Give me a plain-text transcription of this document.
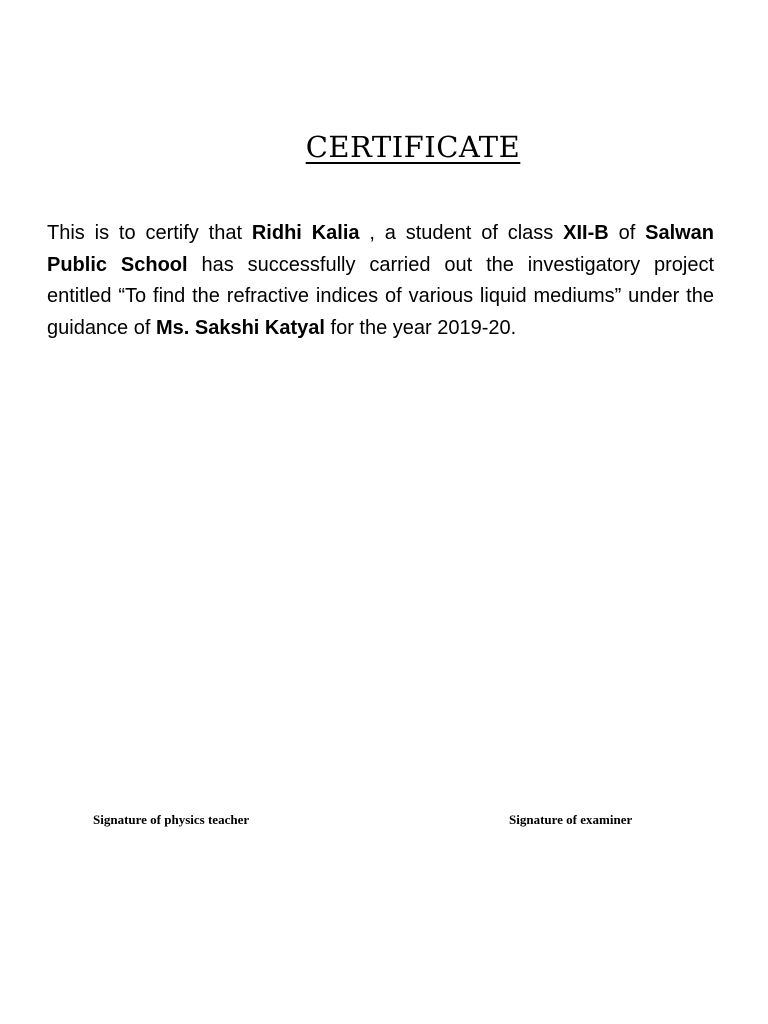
CERTIFICATE

This is to certify that Ridhi Kalia , a student of class XII-B of Salwan Public School has successfully carried out the investigatory project entitled “To find the refractive indices of various liquid mediums” under the guidance of Ms. Sakshi Katyal for the year 2019-20.

Signature of physics teacher	Signature of examiner
